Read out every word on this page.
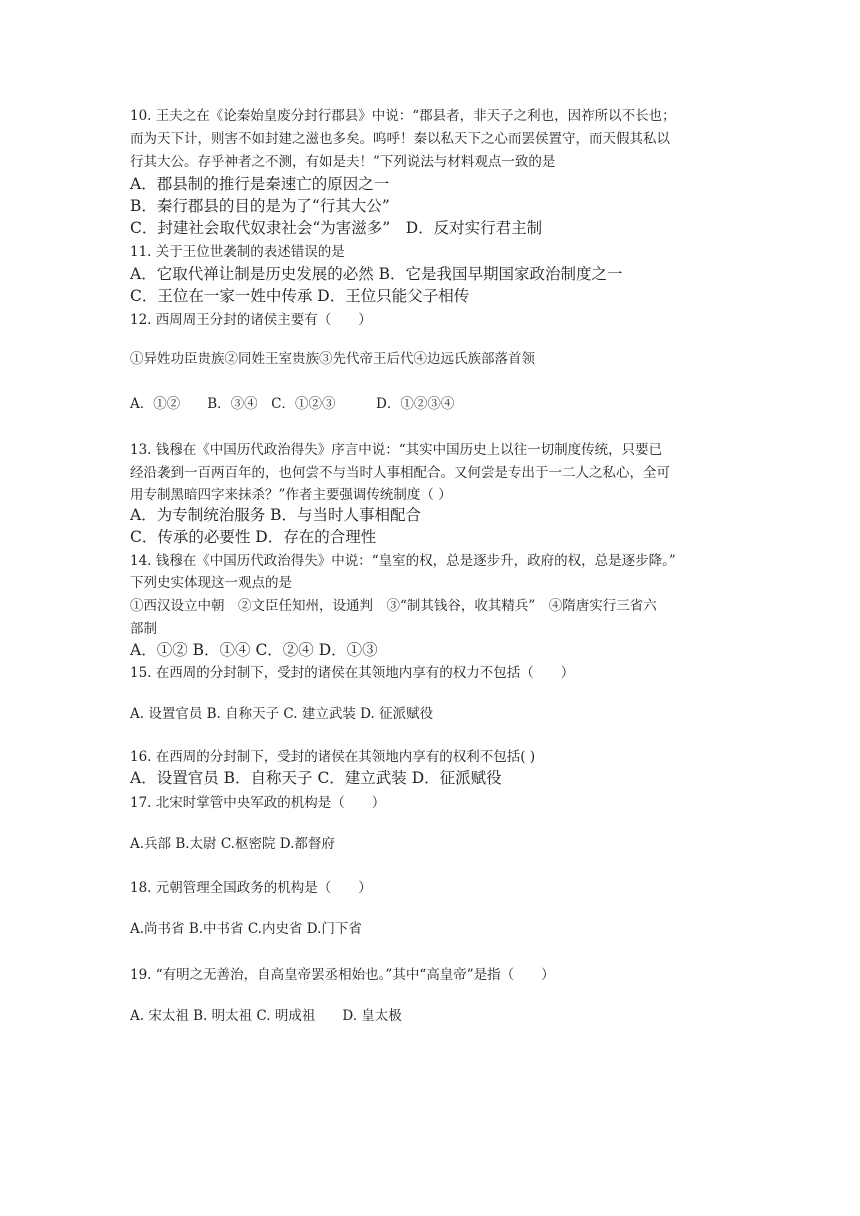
10. 王夫之在《论秦始皇废分封行郡县》中说：“郡县者，非天子之利也，因祚所以不长也；
而为天下计，则害不如封建之滋也多矣。呜呼！秦以私天下之心而罢侯置守，而天假其私以
行其大公。存乎神者之不测，有如是夫！”下列说法与材料观点一致的是
A．郡县制的推行是秦速亡的原因之一
B．秦行郡县的目的是为了“行其大公”
C．封建社会取代奴隶社会“为害滋多”　D．反对实行君主制
11. 关于王位世袭制的表述错误的是
A．它取代禅让制是历史发展的必然 B．它是我国早期国家政治制度之一
C．王位在一家一姓中传承 D．王位只能父子相传
12. 西周周王分封的诸侯主要有（　　）
①异姓功臣贵族②同姓王室贵族③先代帝王后代④边远氏族部落首领
A．①②　　B．③④　C．①②③　　　D．①②③④
13. 钱穆在《中国历代政治得失》序言中说：“其实中国历史上以往一切制度传统，只要已
经沿袭到一百两百年的，也何尝不与当时人事相配合。又何尝是专出于一二人之私心，全可
用专制黑暗四字来抹杀？”作者主要强调传统制度（ ）
A．为专制统治服务 B．与当时人事相配合
C．传承的必要性 D．存在的合理性
14. 钱穆在《中国历代政治得失》中说：“皇室的权，总是逐步升，政府的权，总是逐步降。”
下列史实体现这一观点的是
①西汉设立中朝　②文臣任知州，设通判　③“制其钱谷，收其精兵”　④隋唐实行三省六
部制
A．①② B．①④ C．②④ D．①③
15. 在西周的分封制下，受封的诸侯在其领地内享有的权力不包括（　　）
A. 设置官员 B. 自称天子 C. 建立武装 D. 征派赋役
16. 在西周的分封制下，受封的诸侯在其领地内享有的权利不包括( )
A．设置官员 B．自称天子 C．建立武装 D．征派赋役
17. 北宋时掌管中央军政的机构是（　　）
A.兵部 B.太尉 C.枢密院 D.都督府
18. 元朝管理全国政务的机构是（　　）
A.尚书省 B.中书省 C.内史省 D.门下省
19. “有明之无善治，自高皇帝罢丞相始也。”其中“高皇帝”是指（　　）
A. 宋太祖 B. 明太祖 C. 明成祖　　D. 皇太极
